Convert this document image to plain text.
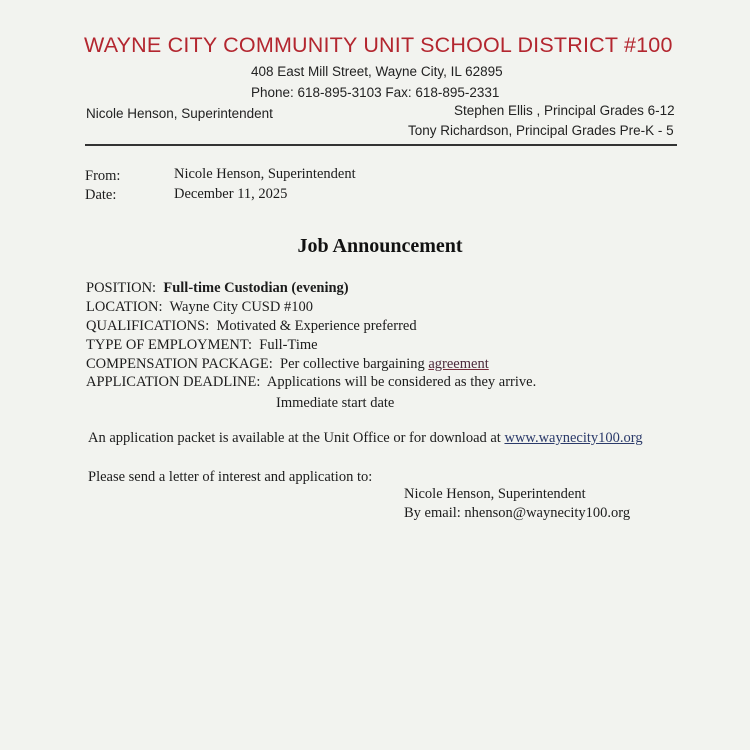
WAYNE CITY COMMUNITY UNIT SCHOOL DISTRICT #100
408 East Mill Street, Wayne City, IL 62895
Phone: 618-895-3103 Fax: 618-895-2331
Nicole Henson, Superintendent	Stephen Ellis , Principal Grades 6-12
Tony Richardson, Principal Grades Pre-K - 5
From:	Nicole Henson, Superintendent
Date:	December 11, 2025
Job Announcement
POSITION: Full-time Custodian (evening)
LOCATION: Wayne City CUSD #100
QUALIFICATIONS: Motivated & Experience preferred
TYPE OF EMPLOYMENT: Full-Time
COMPENSATION PACKAGE: Per collective bargaining agreement
APPLICATION DEADLINE: Applications will be considered as they arrive.
Immediate start date
An application packet is available at the Unit Office or for download at www.waynecity100.org
Please send a letter of interest and application to:
Nicole Henson, Superintendent
By email: nhenson@waynecity100.org
